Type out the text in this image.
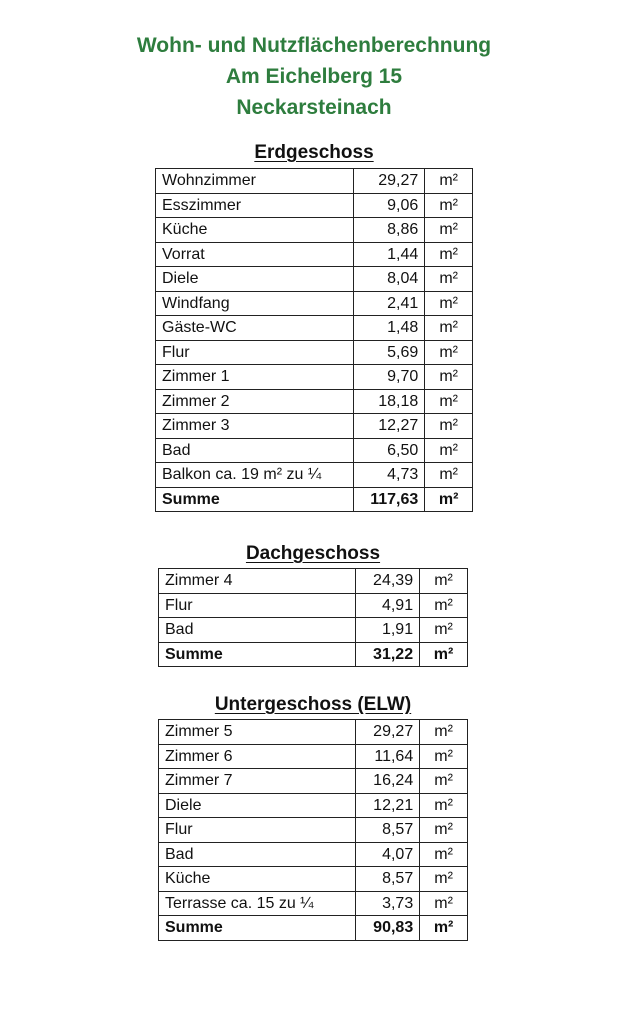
Wohn- und Nutzflächenberechnung
Am Eichelberg 15
Neckarsteinach
Erdgeschoss
Wohnzimmer	29,27	m²
Esszimmer	9,06	m²
Küche	8,86	m²
Vorrat	1,44	m²
Diele	8,04	m²
Windfang	2,41	m²
Gäste-WC	1,48	m²
Flur	5,69	m²
Zimmer 1	9,70	m²
Zimmer 2	18,18	m²
Zimmer 3	12,27	m²
Bad	6,50	m²
Balkon ca. 19 m² zu ¼	4,73	m²
Summe	117,63	m²
Dachgeschoss
Zimmer 4	24,39	m²
Flur	4,91	m²
Bad	1,91	m²
Summe	31,22	m²
Untergeschoss (ELW)
Zimmer 5	29,27	m²
Zimmer 6	11,64	m²
Zimmer 7	16,24	m²
Diele	12,21	m²
Flur	8,57	m²
Bad	4,07	m²
Küche	8,57	m²
Terrasse ca. 15 zu ¼	3,73	m²
Summe	90,83	m²
